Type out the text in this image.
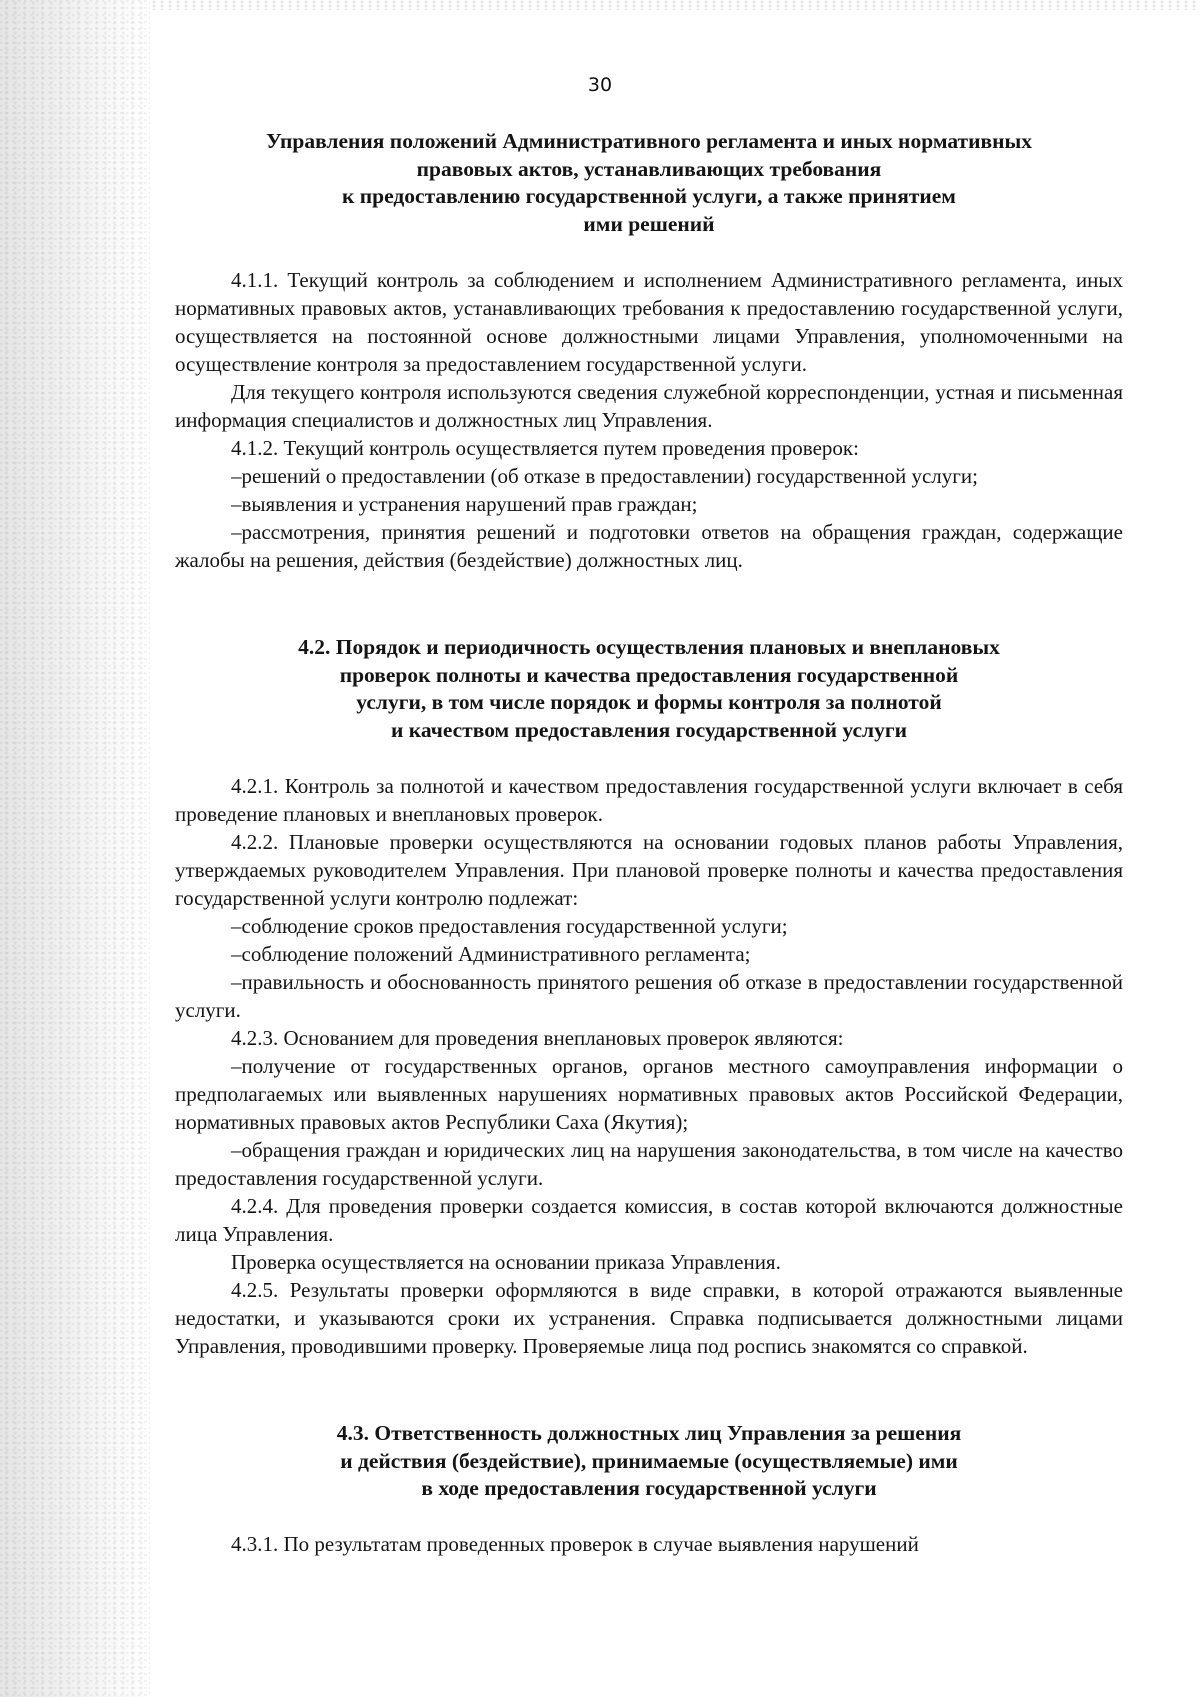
30
Управления положений Административного регламента и иных нормативных
правовых актов, устанавливающих требования
к предоставлению государственной услуги, а также принятием
ими решений

4.1.1. Текущий контроль за соблюдением и исполнением Административного регламента, иных нормативных правовых актов, устанавливающих требования к предоставлению государственной услуги, осуществляется на постоянной основе должностными лицами Управления, уполномоченными на осуществление контроля за предоставлением государственной услуги.

Для текущего контроля используются сведения служебной корреспонденции, устная и письменная информация специалистов и должностных лиц Управления.

4.1.2. Текущий контроль осуществляется путем проведения проверок:

–решений о предоставлении (об отказе в предоставлении) государственной услуги;

–выявления и устранения нарушений прав граждан;

–рассмотрения, принятия решений и подготовки ответов на обращения граждан, содержащие жалобы на решения, действия (бездействие) должностных лиц.

4.2. Порядок и периодичность осуществления плановых и внеплановых
проверок полноты и качества предоставления государственной
услуги, в том числе порядок и формы контроля за полнотой
и качеством предоставления государственной услуги

4.2.1. Контроль за полнотой и качеством предоставления государственной услуги включает в себя проведение плановых и внеплановых проверок.

4.2.2. Плановые проверки осуществляются на основании годовых планов работы Управления, утверждаемых руководителем Управления. При плановой проверке полноты и качества предоставления государственной услуги контролю подлежат:

–соблюдение сроков предоставления государственной услуги;

–соблюдение положений Административного регламента;

–правильность и обоснованность принятого решения об отказе в предоставлении государственной услуги.

4.2.3. Основанием для проведения внеплановых проверок являются:

–получение от государственных органов, органов местного самоуправления информации о предполагаемых или выявленных нарушениях нормативных правовых актов Российской Федерации, нормативных правовых актов Республики Саха (Якутия);

–обращения граждан и юридических лиц на нарушения законодательства, в том числе на качество предоставления государственной услуги.

4.2.4. Для проведения проверки создается комиссия, в состав которой включаются должностные лица Управления.

Проверка осуществляется на основании приказа Управления.

4.2.5. Результаты проверки оформляются в виде справки, в которой отражаются выявленные недостатки, и указываются сроки их устранения. Справка подписывается должностными лицами Управления, проводившими проверку. Проверяемые лица под роспись знакомятся со справкой.

4.3. Ответственность должностных лиц Управления за решения
и действия (бездействие), принимаемые (осуществляемые) ими
в ходе предоставления государственной услуги

4.3.1. По результатам проведенных проверок в случае выявления нарушений
